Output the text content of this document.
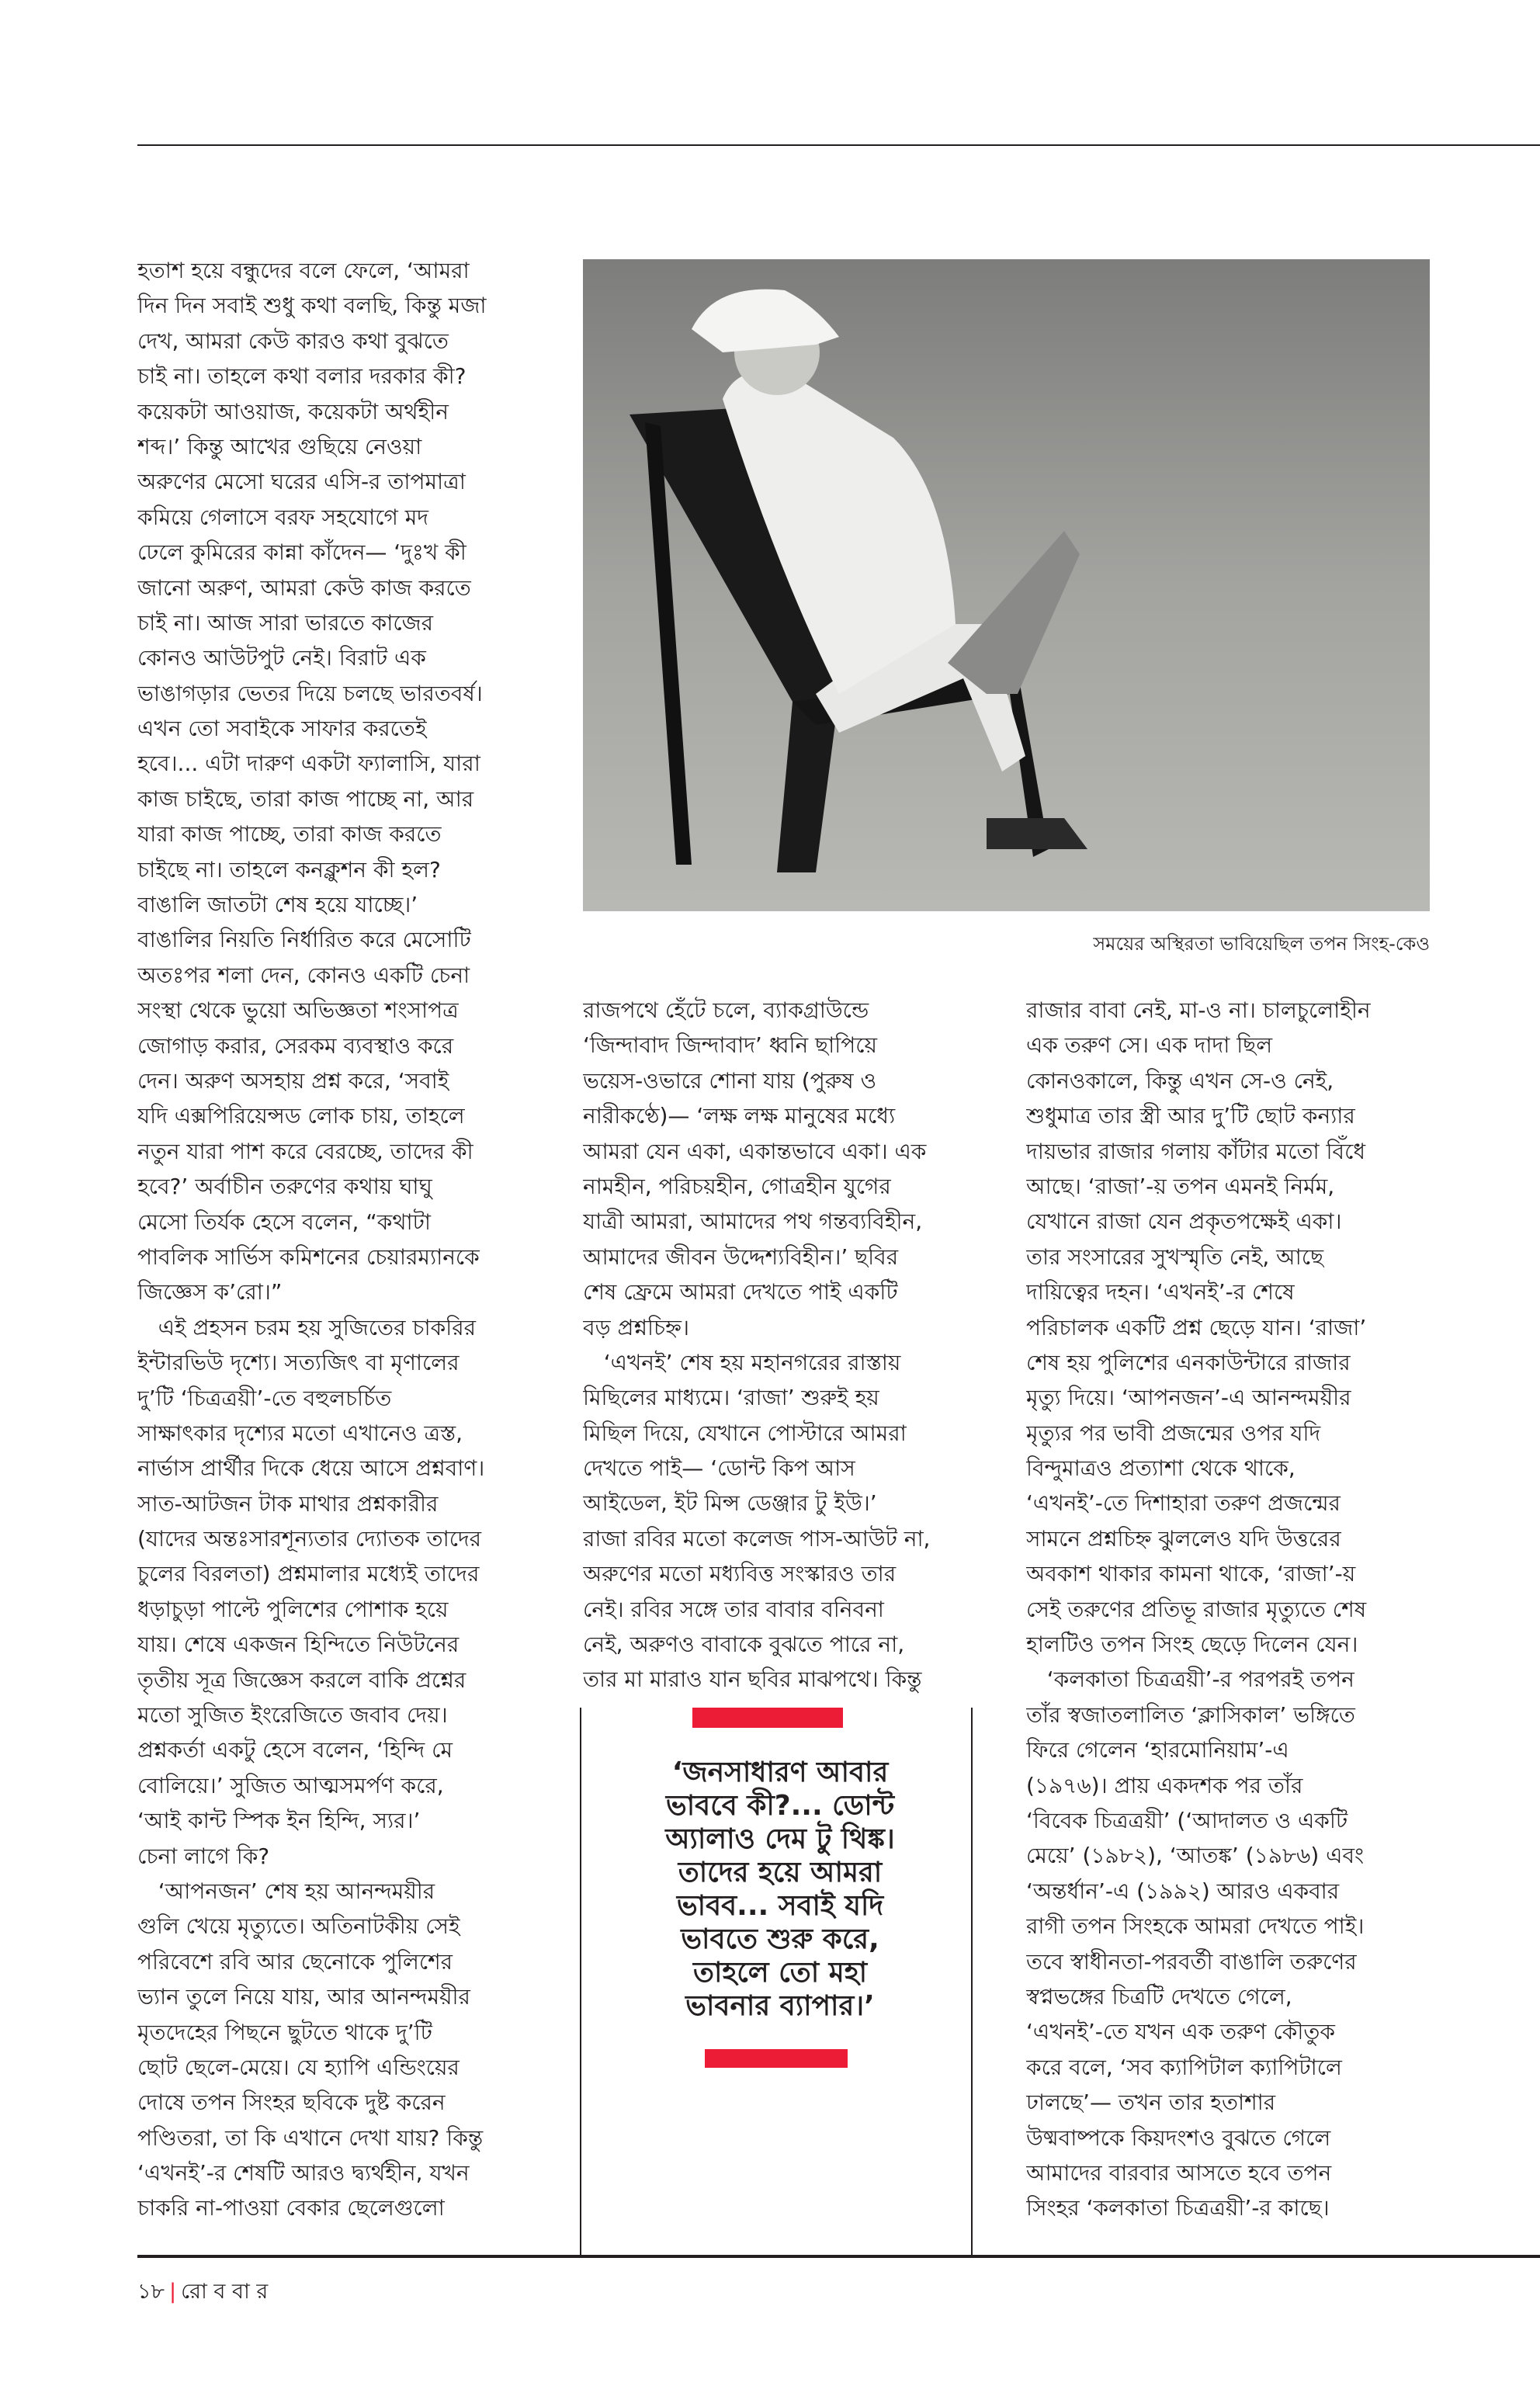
হতাশ হয়ে বন্ধুদের বলে ফেলে, ‘আমরা
দিন দিন সবাই শুধু কথা বলছি, কিন্তু মজা
দেখ, আমরা কেউ কারও কথা বুঝতে
চাই না। তাহলে কথা বলার দরকার কী?
কয়েকটা আওয়াজ, কয়েকটা অর্থহীন
শব্দ।’ কিন্তু আখের গুছিয়ে নেওয়া
অরুণের মেসো ঘরের এসি-র তাপমাত্রা
কমিয়ে গেলাসে বরফ সহযোগে মদ
ঢেলে কুমিরের কান্না কাঁদেন— ‘দুঃখ কী
জানো অরুণ, আমরা কেউ কাজ করতে
চাই না। আজ সারা ভারতে কাজের
কোনও আউটপুট নেই। বিরাট এক
ভাঙাগড়ার ভেতর দিয়ে চলছে ভারতবর্ষ।
এখন তো সবাইকে সাফার করতেই
হবে।... এটা দারুণ একটা ফ্যালাসি, যারা
কাজ চাইছে, তারা কাজ পাচ্ছে না, আর
যারা কাজ পাচ্ছে, তারা কাজ করতে
চাইছে না। তাহলে কনক্লুশন কী হল?
বাঙালি জাতটা শেষ হয়ে যাচ্ছে।’
বাঙালির নিয়তি নির্ধারিত করে মেসোটি
অতঃপর শলা দেন, কোনও একটি চেনা
সংস্থা থেকে ভুয়ো অভিজ্ঞতা শংসাপত্র
জোগাড় করার, সেরকম ব্যবস্থাও করে
দেন। অরুণ অসহায় প্রশ্ন করে, ‘সবাই
যদি এক্সপিরিয়েন্সড লোক চায়, তাহলে
নতুন যারা পাশ করে বেরচ্ছে, তাদের কী
হবে?’ অর্বাচীন তরুণের কথায় ঘাঘু
মেসো তির্যক হেসে বলেন, “কথাটা
পাবলিক সার্ভিস কমিশনের চেয়ারম্যানকে
জিজ্ঞেস ক’রো।”
এই প্রহসন চরম হয় সুজিতের চাকরির
ইন্টারভিউ দৃশ্যে। সত্যজিৎ বা মৃণালের
দু’টি ‘চিত্রত্রয়ী’-তে বহুলচর্চিত
সাক্ষাৎকার দৃশ্যের মতো এখানেও ত্রস্ত,
নার্ভাস প্রার্থীর দিকে ধেয়ে আসে প্রশ্নবাণ।
সাত-আটজন টাক মাথার প্রশ্নকারীর
(যাদের অন্তঃসারশূন্যতার দ্যোতক তাদের
চুলের বিরলতা) প্রশ্নমালার মধ্যেই তাদের
ধড়াচুড়া পাল্টে পুলিশের পোশাক হয়ে
যায়। শেষে একজন হিন্দিতে নিউটনের
তৃতীয় সূত্র জিজ্ঞেস করলে বাকি প্রশ্নের
মতো সুজিত ইংরেজিতে জবাব দেয়।
প্রশ্নকর্তা একটু হেসে বলেন, ‘হিন্দি মে
বোলিয়ে।’ সুজিত আত্মসমর্পণ করে,
‘আই কান্ট স্পিক ইন হিন্দি, স্যর।’
চেনা লাগে কি?
‘আপনজন’ শেষ হয় আনন্দময়ীর
গুলি খেয়ে মৃত্যুতে। অতিনাটকীয় সেই
পরিবেশে রবি আর ছেনোকে পুলিশের
ভ্যান তুলে নিয়ে যায়, আর আনন্দময়ীর
মৃতদেহের পিছনে ছুটতে থাকে দু’টি
ছোট ছেলে-মেয়ে। যে হ্যাপি এন্ডিংয়ের
দোষে তপন সিংহর ছবিকে দুষ্ট করেন
পণ্ডিতরা, তা কি এখানে দেখা যায়? কিন্তু
‘এখনই’-র শেষটি আরও দ্ব্যর্থহীন, যখন
চাকরি না-পাওয়া বেকার ছেলেগুলো
সময়ের অস্থিরতা ভাবিয়েছিল তপন সিংহ-কেও
রাজপথে হেঁটে চলে, ব্যাকগ্রাউন্ডে
‘জিন্দাবাদ জিন্দাবাদ’ ধ্বনি ছাপিয়ে
ভয়েস-ওভারে শোনা যায় (পুরুষ ও
নারীকণ্ঠে)— ‘লক্ষ লক্ষ মানুষের মধ্যে
আমরা যেন একা, একান্তভাবে একা। এক
নামহীন, পরিচয়হীন, গোত্রহীন যুগের
যাত্রী আমরা, আমাদের পথ গন্তব্যবিহীন,
আমাদের জীবন উদ্দেশ্যবিহীন।’ ছবির
শেষ ফ্রেমে আমরা দেখতে পাই একটি
বড় প্রশ্নচিহ্ন।
‘এখনই’ শেষ হয় মহানগরের রাস্তায়
মিছিলের মাধ্যমে। ‘রাজা’ শুরুই হয়
মিছিল দিয়ে, যেখানে পোস্টারে আমরা
দেখতে পাই— ‘ডোন্ট কিপ আস
আইডেল, ইট মিন্স ডেঞ্জার টু ইউ।’
রাজা রবির মতো কলেজ পাস-আউট না,
অরুণের মতো মধ্যবিত্ত সংস্কারও তার
নেই। রবির সঙ্গে তার বাবার বনিবনা
নেই, অরুণও বাবাকে বুঝতে পারে না,
তার মা মারাও যান ছবির মাঝপথে। কিন্তু
রাজার বাবা নেই, মা-ও না। চালচুলোহীন
এক তরুণ সে। এক দাদা ছিল
কোনওকালে, কিন্তু এখন সে-ও নেই,
শুধুমাত্র তার স্ত্রী আর দু’টি ছোট কন্যার
দায়ভার রাজার গলায় কাঁটার মতো বিঁধে
আছে। ‘রাজা’-য় তপন এমনই নির্মম,
যেখানে রাজা যেন প্রকৃতপক্ষেই একা।
তার সংসারের সুখস্মৃতি নেই, আছে
দায়িত্বের দহন। ‘এখনই’-র শেষে
পরিচালক একটি প্রশ্ন ছেড়ে যান। ‘রাজা’
শেষ হয় পুলিশের এনকাউন্টারে রাজার
মৃত্যু দিয়ে। ‘আপনজন’-এ আনন্দময়ীর
মৃত্যুর পর ভাবী প্রজন্মের ওপর যদি
বিন্দুমাত্রও প্রত্যাশা থেকে থাকে,
‘এখনই’-তে দিশাহারা তরুণ প্রজন্মের
সামনে প্রশ্নচিহ্ন ঝুললেও যদি উত্তরের
অবকাশ থাকার কামনা থাকে, ‘রাজা’-য়
সেই তরুণের প্রতিভূ রাজার মৃত্যুতে শেষ
হালটিও তপন সিংহ ছেড়ে দিলেন যেন।
‘কলকাতা চিত্রত্রয়ী’-র পরপরই তপন
তাঁর স্বজাতলালিত ‘ক্লাসিকাল’ ভঙ্গিতে
ফিরে গেলেন ‘হারমোনিয়াম’-এ
(১৯৭৬)। প্রায় একদশক পর তাঁর
‘বিবেক চিত্রত্রয়ী’ (‘আদালত ও একটি
মেয়ে’ (১৯৮২), ‘আতঙ্ক’ (১৯৮৬) এবং
‘অন্তর্ধান’-এ (১৯৯২) আরও একবার
রাগী তপন সিংহকে আমরা দেখতে পাই।
তবে স্বাধীনতা-পরবর্তী বাঙালি তরুণের
স্বপ্নভঙ্গের চিত্রটি দেখতে গেলে,
‘এখনই’-তে যখন এক তরুণ কৌতুক
করে বলে, ‘সব ক্যাপিটাল ক্যাপিটালে
ঢালছে’— তখন তার হতাশার
উষ্মবাষ্পকে কিয়দংশও বুঝতে গেলে
আমাদের বারবার আসতে হবে তপন
সিংহর ‘কলকাতা চিত্রত্রয়ী’-র কাছে।
‘জনসাধারণ আবার
ভাববে কী?... ডোন্ট
অ্যালাও দেম টু থিঙ্ক।
তাদের হয়ে আমরা
ভাবব... সবাই যদি
ভাবতে শুরু করে,
তাহলে তো মহা
ভাবনার ব্যাপার।’
১৮ | রো ব বা র
